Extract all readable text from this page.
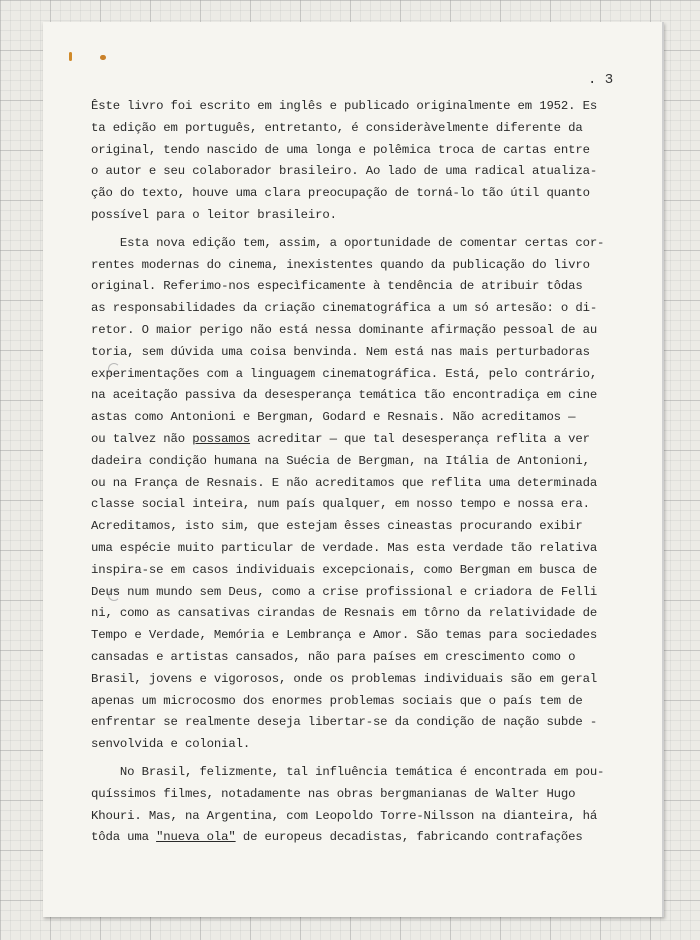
. 3
Êste livro foi escrito em inglês e publicado originalmente em 1952. Es
ta edição em português, entretanto, é consideràvelmente diferente da
original, tendo nascido de uma longa e polêmica troca de cartas entre
o autor e seu colaborador brasileiro. Ao lado de uma radical atualiza-
ção do texto, houve uma clara preocupação de torná-lo tão útil quanto
possível para o leitor brasileiro.
Esta nova edição tem, assim, a oportunidade de comentar certas cor-
rentes modernas do cinema, inexistentes quando da publicação do livro
original. Referimo-nos especìficamente à tendência de atribuir tôdas
as responsabilidades da criação cinematográfica a um só artesão: o di-
retor. O maior perigo não está nessa dominante afirmação pessoal de au
toria, sem dúvida uma coisa benvinda. Nem está nas mais perturbadoras
experimentações com a linguagem cinematográfica. Está, pelo contrário,
na aceitação passiva da desesperança temática tão encontradiça em cine
astas como Antonioni e Bergman, Godard e Resnais. Não acreditamos —
ou talvez não possamos acreditar — que tal desesperança reflita a ver
dadeira condição humana na Suécia de Bergman, na Itália de Antonioni,
ou na França de Resnais. E não acreditamos que reflita uma determinada
classe social inteira, num país qualquer, em nosso tempo e nossa era.
Acreditamos, isto sim, que estejam êsses cineastas procurando exibir
uma espécie muito particular de verdade. Mas esta verdade tão relativa
inspira-se em casos individuais excepcionais, como Bergman em busca de
Deus num mundo sem Deus, como a crise profissional e criadora de Felli
ni, como as cansativas cirandas de Resnais em tôrno da relatividade de
Tempo e Verdade, Memória e Lembrança e Amor. São temas para sociedades
cansadas e artistas cansados, não para países em crescimento como o
Brasil, jovens e vigorosos, onde os problemas individuais são em geral
apenas um microcosmo dos enormes problemas sociais que o país tem de
enfrentar se realmente deseja libertar-se da condição de nação subde -
senvolvida e colonial.
No Brasil, felizmente, tal influência temática é encontrada em pou-
quíssimos filmes, notadamente nas obras bergmanianas de Walter Hugo
Khouri. Mas, na Argentina, com Leopoldo Torre-Nilsson na dianteira, há
tôda uma "nueva ola" de europeus decadistas, fabricando contrafações
